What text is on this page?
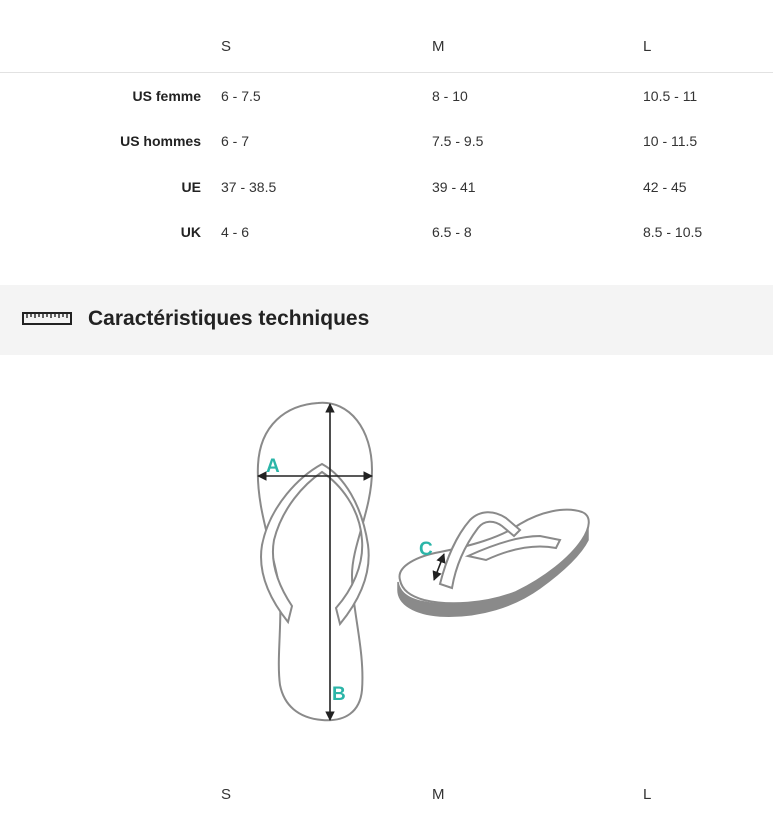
S	M	L
US femme 6 - 7.5	8 - 10	10.5 - 11
US hommes 6 - 7	7.5 - 9.5	10 - 11.5
UE 37 - 38.5	39 - 41	42 - 45
UK 4 - 6	6.5 - 8	8.5 - 10.5
Caractéristiques techniques
A
B
C
S	M	L
